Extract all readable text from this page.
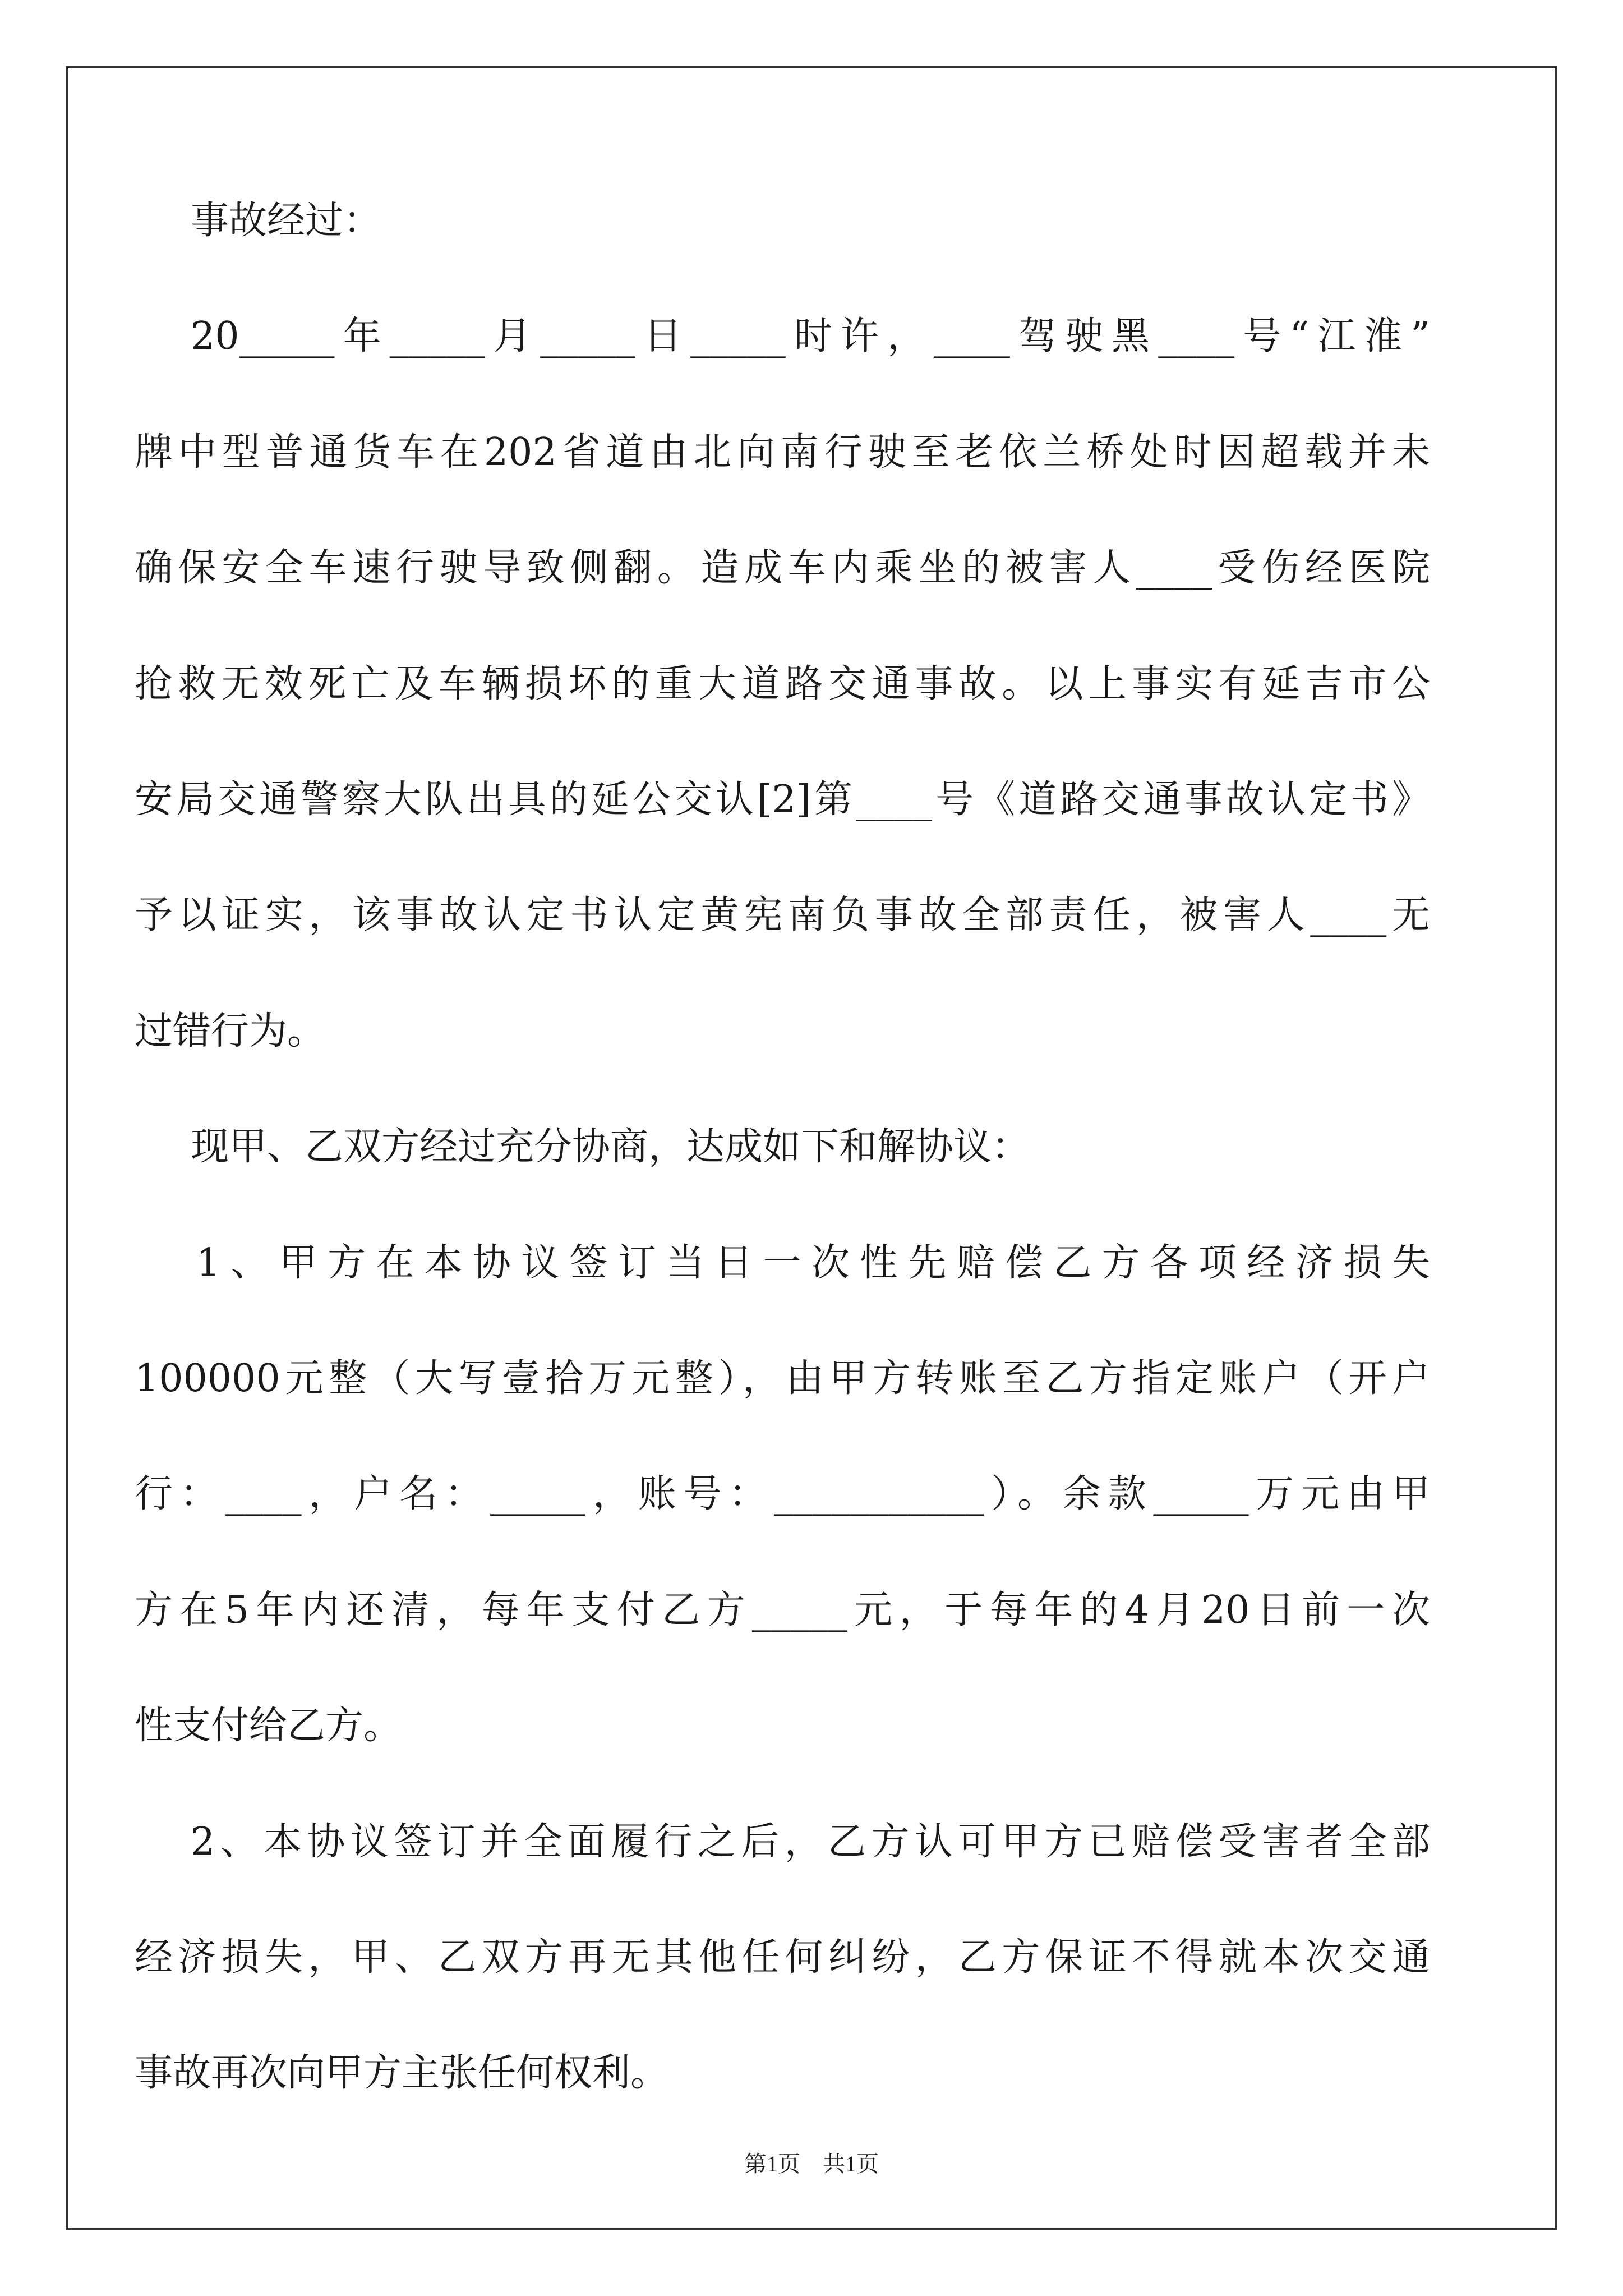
事故经过：
20_____年_____月_____日_____时许，____驾驶黑____号“江淮”
牌中型普通货车在202省道由北向南行驶至老依兰桥处时因超载并未
确保安全车速行驶导致侧翻。造成车内乘坐的被害人____受伤经医院
抢救无效死亡及车辆损坏的重大道路交通事故。以上事实有延吉市公
安局交通警察大队出具的延公交认[2]第____号《道路交通事故认定书》
予以证实，该事故认定书认定黄宪南负事故全部责任，被害人____无
过错行为。
现甲、乙双方经过充分协商，达成如下和解协议：
1、甲方在本协议签订当日一次性先赔偿乙方各项经济损失
100000元整（大写壹拾万元整），由甲方转账至乙方指定账户（开户
行：____，户名：_____，账号：___________）。余款_____万元由甲
方在5年内还清，每年支付乙方_____元，于每年的4月20日前一次
性支付给乙方。
2、本协议签订并全面履行之后，乙方认可甲方已赔偿受害者全部
经济损失，甲、乙双方再无其他任何纠纷，乙方保证不得就本次交通
事故再次向甲方主张任何权利。
第1页    共1页
